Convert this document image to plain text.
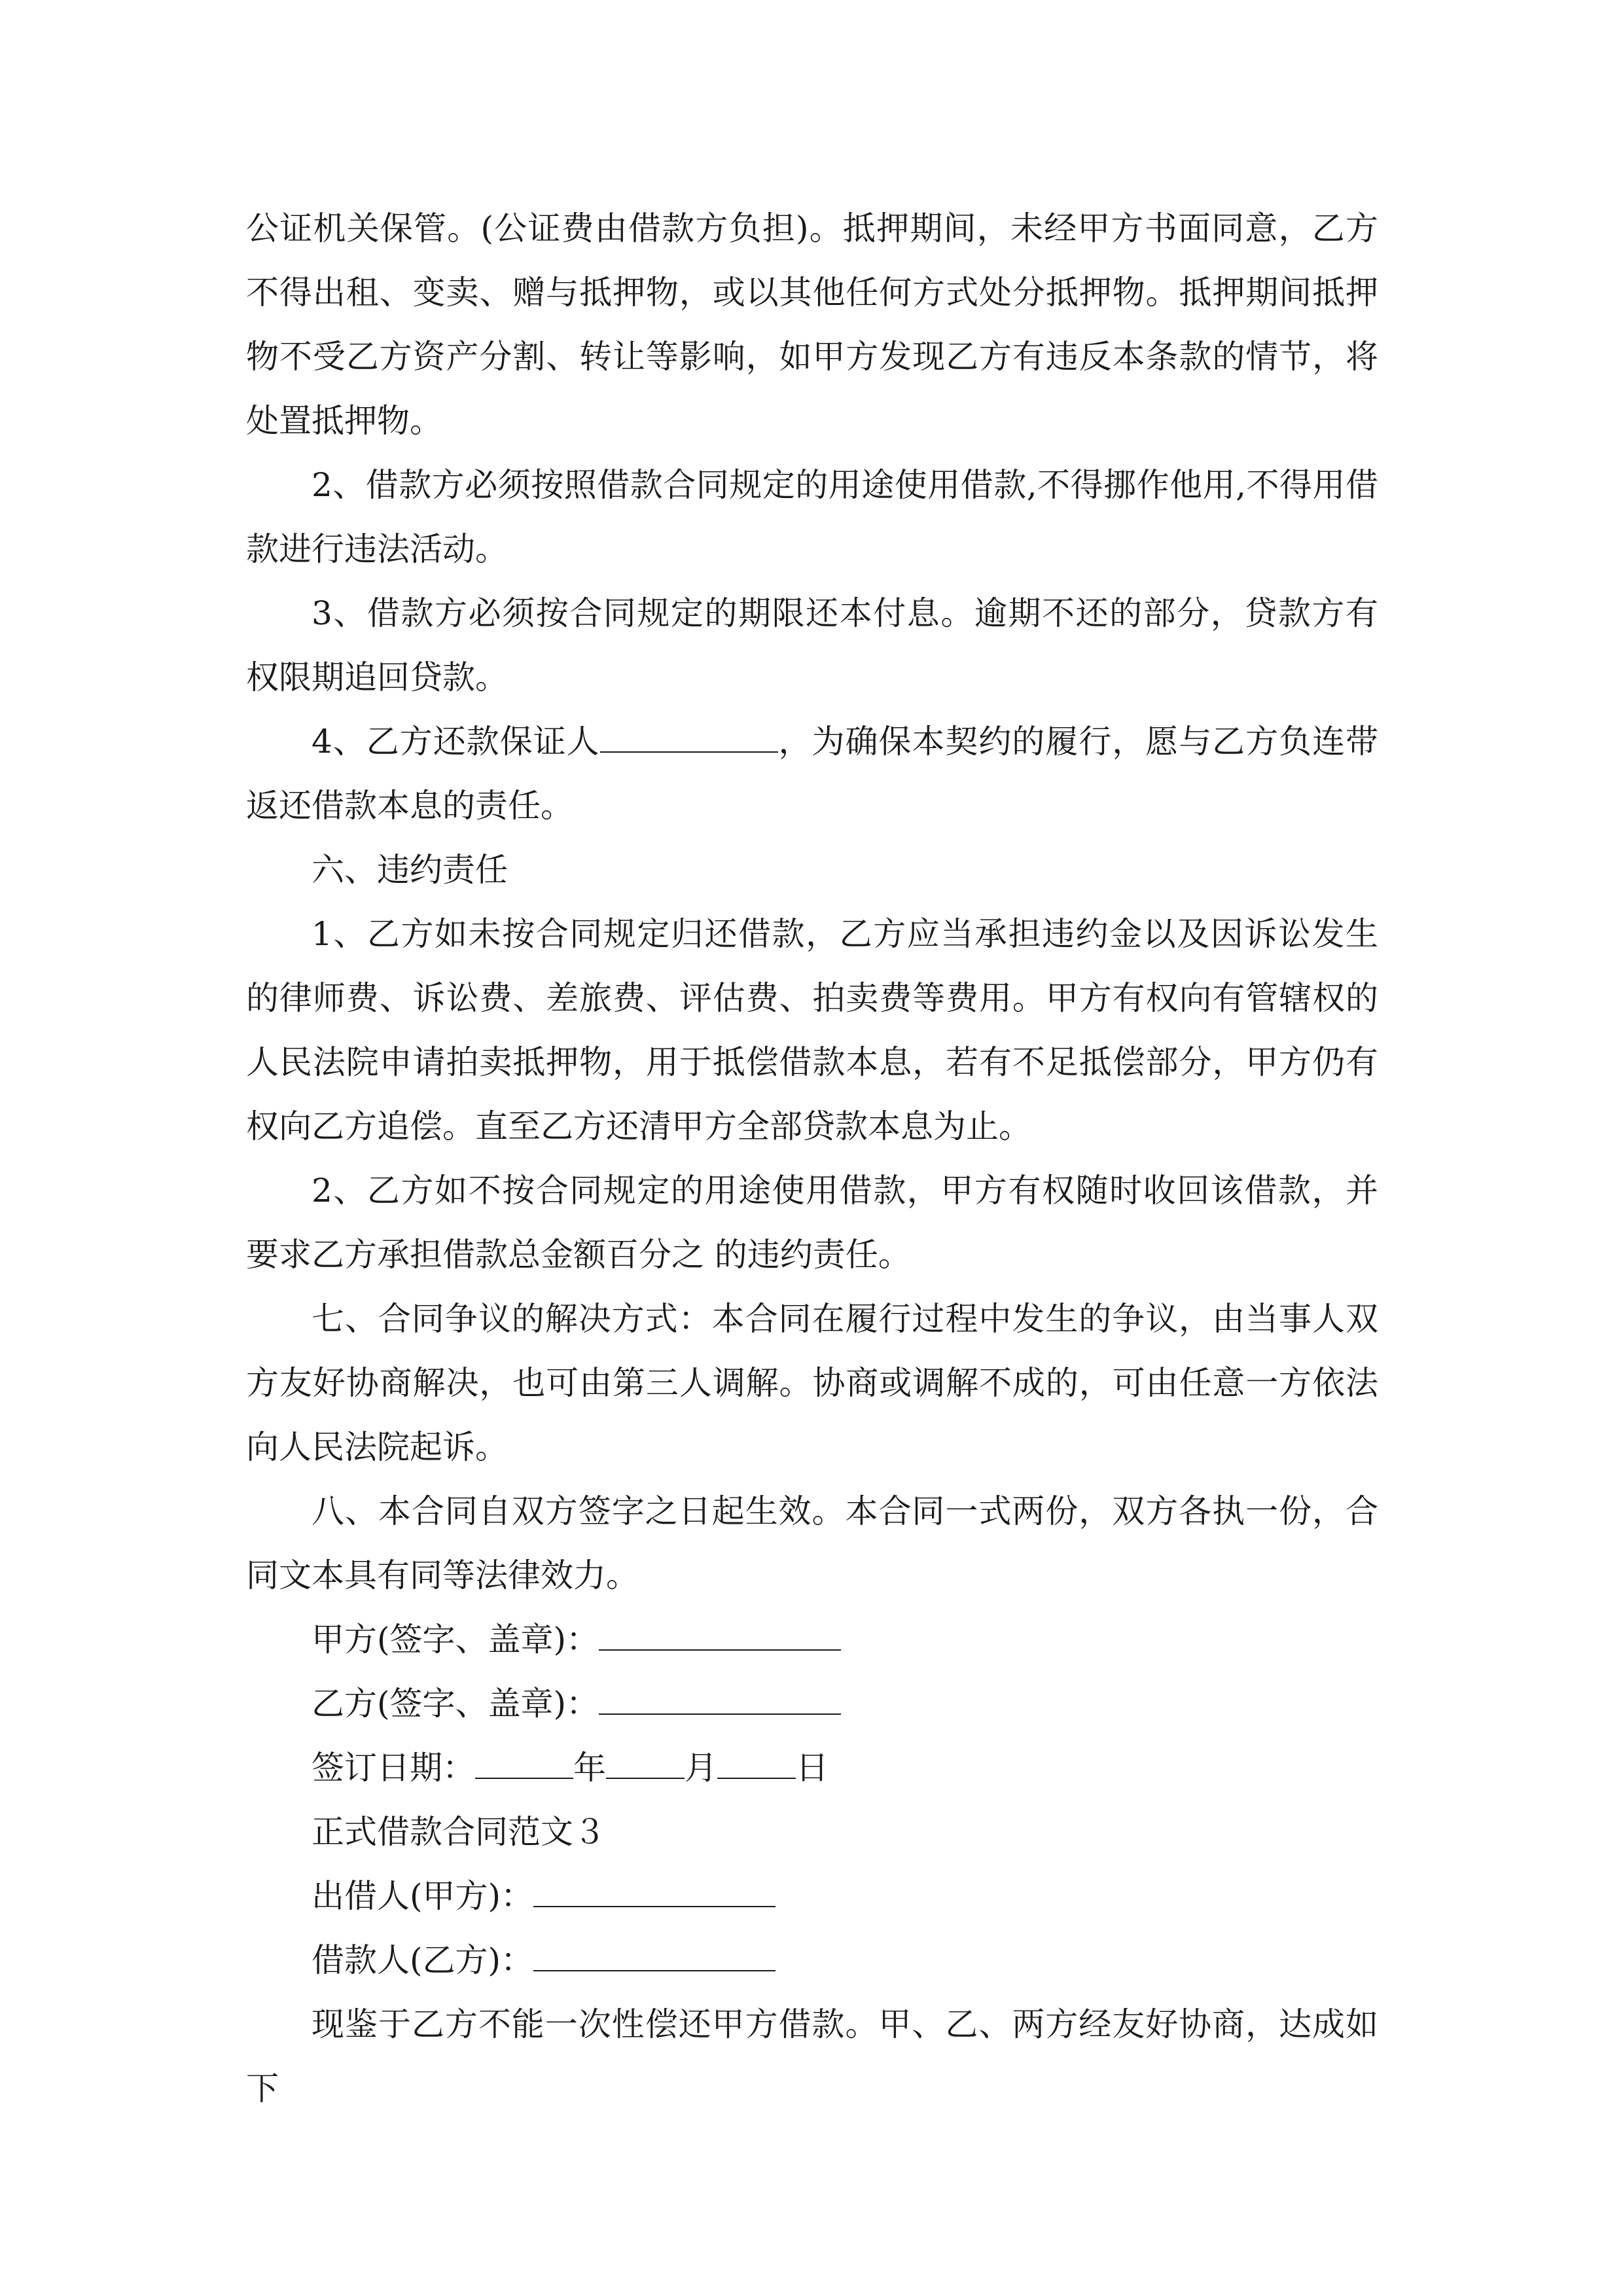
公证机关保管。(公证费由借款方负担)。抵押期间，未经甲方书面同意，乙方不得出租、变卖、赠与抵押物，或以其他任何方式处分抵押物。抵押期间抵押物不受乙方资产分割、转让等影响，如甲方发现乙方有违反本条款的情节，将处置抵押物。

2、借款方必须按照借款合同规定的用途使用借款,不得挪作他用,不得用借款进行违法活动。

3、借款方必须按合同规定的期限还本付息。逾期不还的部分，贷款方有权限期追回贷款。

4、乙方还款保证人	，为确保本契约的履行，愿与乙方负连带返还借款本息的责任。

六、违约责任

1、乙方如未按合同规定归还借款，乙方应当承担违约金以及因诉讼发生的律师费、诉讼费、差旅费、评估费、拍卖费等费用。甲方有权向有管辖权的人民法院申请拍卖抵押物，用于抵偿借款本息，若有不足抵偿部分，甲方仍有权向乙方追偿。直至乙方还清甲方全部贷款本息为止。

2、乙方如不按合同规定的用途使用借款，甲方有权随时收回该借款，并要求乙方承担借款总金额百分之 的违约责任。

七、合同争议的解决方式：本合同在履行过程中发生的争议，由当事人双方友好协商解决，也可由第三人调解。协商或调解不成的，可由任意一方依法向人民法院起诉。

八、本合同自双方签字之日起生效。本合同一式两份，双方各执一份，合同文本具有同等法律效力。

甲方(签字、盖章)：
乙方(签字、盖章)：
签订日期：	年 月 日
正式借款合同范文３
出借人(甲方)：
借款人(乙方)：

现鉴于乙方不能一次性偿还甲方借款。甲、乙、两方经友好协商，达成如下
